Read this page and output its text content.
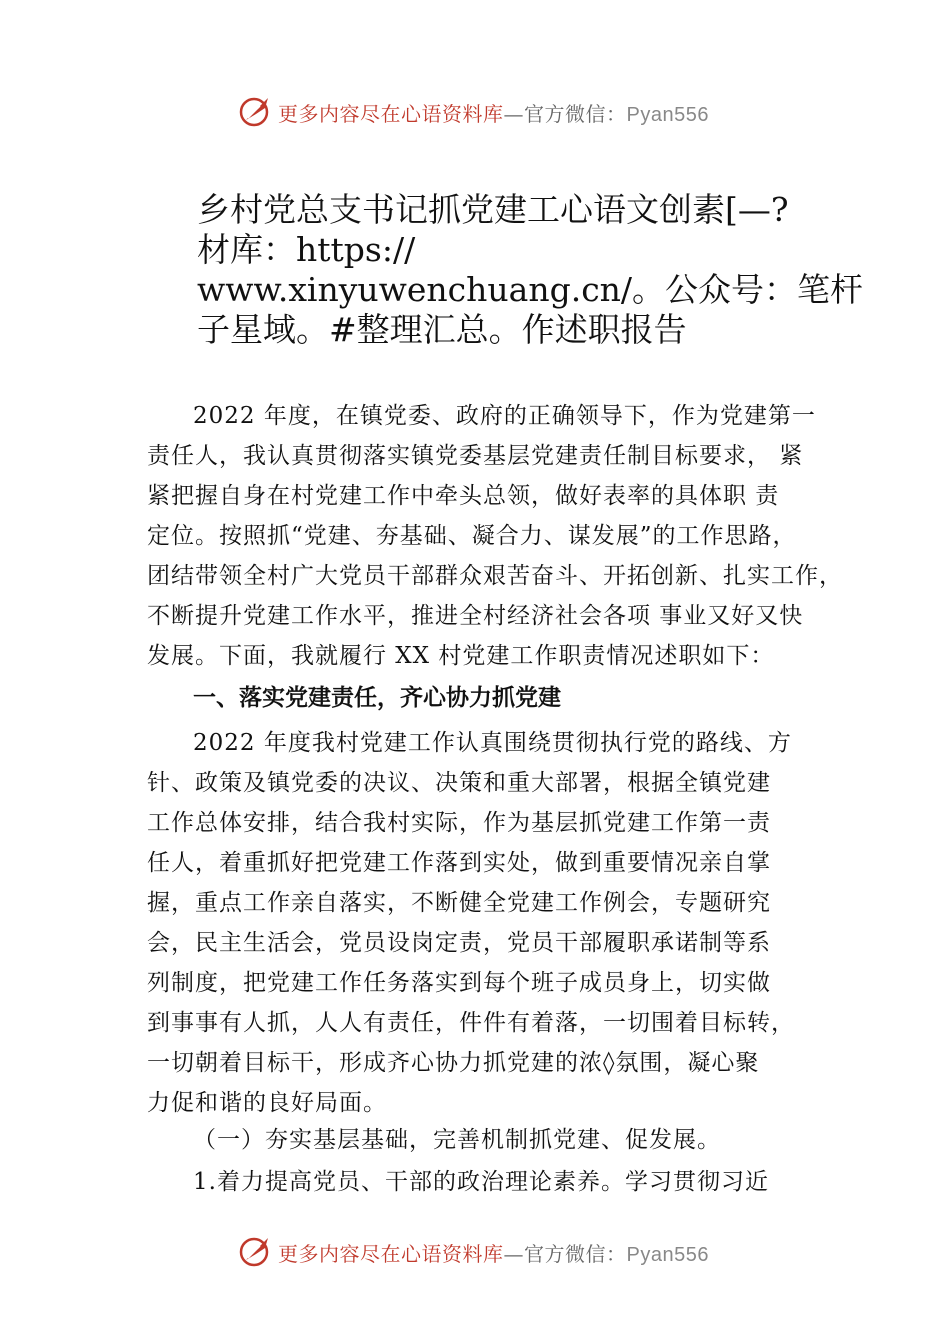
更多内容尽在心语资料库—官方微信：Pyan556
乡村党总支书记抓党建工心语文创素[—?
材库：https://
www.xinyuwenchuang.cn/。公众号：笔杆
子星域。#整理汇总。作述职报告
2022 年度，在镇党委、政府的正确领导下，作为党建第一
责任人，我认真贯彻落实镇党委基层党建责任制目标要求， 紧
紧把握自身在村党建工作中牵头总领，做好表率的具体职 责
定位。按照抓“党建、夯基础、凝合力、谋发展”的工作思路，
团结带领全村广大党员干部群众艰苦奋斗、开拓创新、扎实工作，
不断提升党建工作水平，推进全村经济社会各项 事业又好又快
发展。下面，我就履行 XX 村党建工作职责情况述职如下：
一、落实党建责任，齐心协力抓党建
2022 年度我村党建工作认真围绕贯彻执行党的路线、方
针、政策及镇党委的决议、决策和重大部署，根据全镇党建
工作总体安排，结合我村实际，作为基层抓党建工作第一责
任人，着重抓好把党建工作落到实处，做到重要情况亲自掌
握，重点工作亲自落实，不断健全党建工作例会，专题研究
会，民主生活会，党员设岗定责，党员干部履职承诺制等系
列制度，把党建工作任务落实到每个班子成员身上，切实做
到事事有人抓，人人有责任，件件有着落，一切围着目标转，
一切朝着目标干，形成齐心协力抓党建的浓◊氛围，凝心聚
力促和谐的良好局面。
（一）夯实基层基础，完善机制抓党建、促发展。
1.着力提高党员、干部的政治理论素养。学习贯彻习近
更多内容尽在心语资料库—官方微信：Pyan556
